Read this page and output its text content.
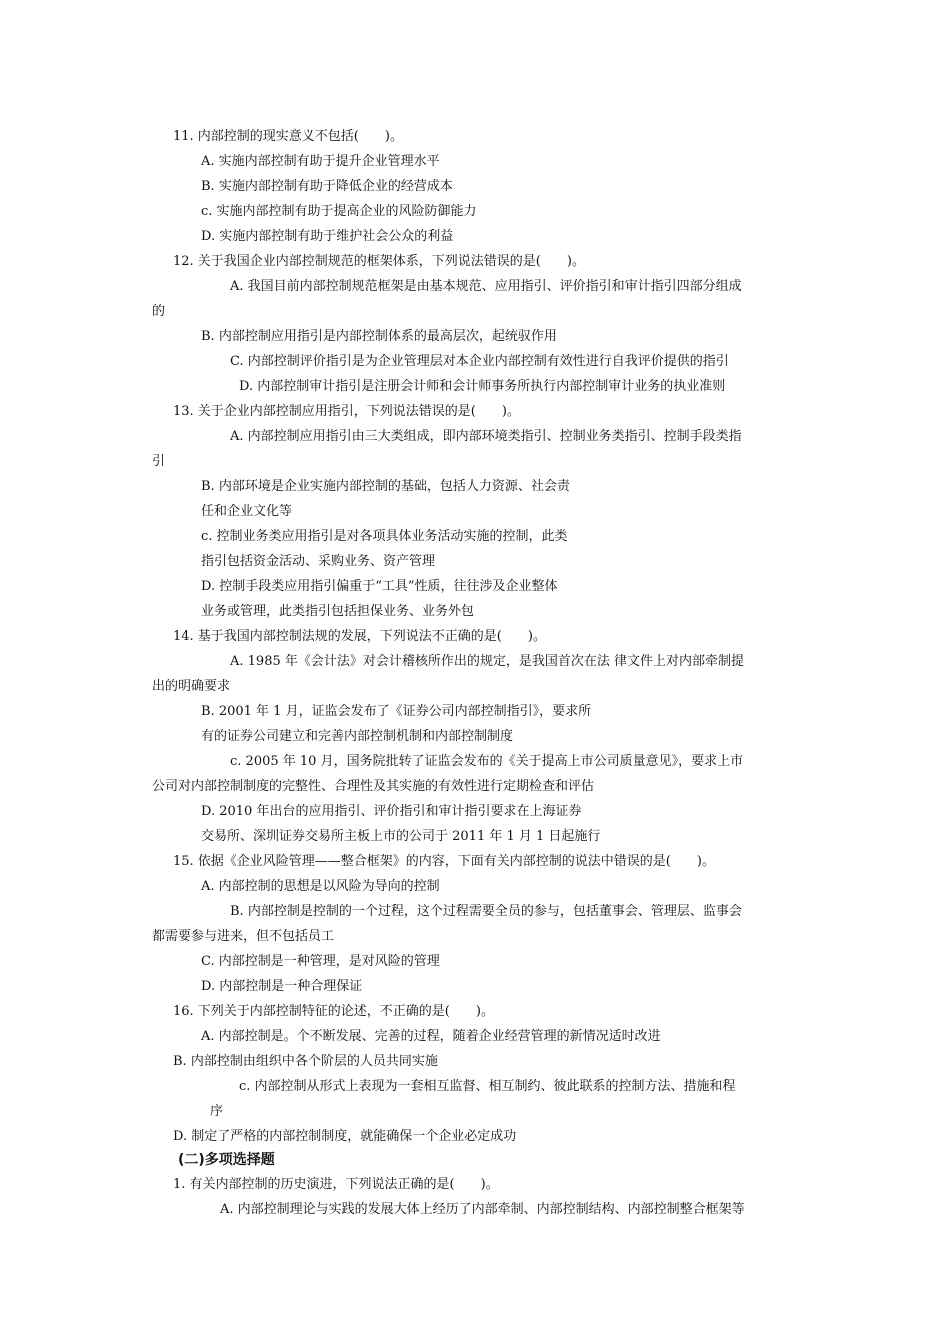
11. 内部控制的现实意义不包括(　　)。
A. 实施内部控制有助于提升企业管理水平
B. 实施内部控制有助于降低企业的经营成本
c. 实施内部控制有助于提高企业的风险防御能力
D. 实施内部控制有助于维护社会公众的利益
12. 关于我国企业内部控制规范的框架体系，下列说法错误的是(　　)。
A. 我国目前内部控制规范框架是由基本规范、应用指引、评价指引和审计指引四部分组成
的
B. 内部控制应用指引是内部控制体系的最高层次，起统驭作用
C. 内部控制评价指引是为企业管理层对本企业内部控制有效性进行自我评价提供的指引
D. 内部控制审计指引是注册会计师和会计师事务所执行内部控制审计业务的执业准则
13. 关于企业内部控制应用指引，下列说法错误的是(　　)。
A. 内部控制应用指引由三大类组成，即内部环境类指引、控制业务类指引、控制手段类指
引
B. 内部环境是企业实施内部控制的基础，包括人力资源、社会责
任和企业文化等
c. 控制业务类应用指引是对各项具体业务活动实施的控制，此类
指引包括资金活动、采购业务、资产管理
D. 控制手段类应用指引偏重于“工具”性质，往往涉及企业整体
业务或管理，此类指引包括担保业务、业务外包
14. 基于我国内部控制法规的发展，下列说法不正确的是(　　)。
A. 1985 年《会计法》对会计稽核所作出的规定，是我国首次在法 律文件上对内部牵制提
出的明确要求
B. 2001 年 1 月，证监会发布了《证券公司内部控制指引》，要求所
有的证券公司建立和完善内部控制机制和内部控制制度
c. 2005 年 10 月，国务院批转了证监会发布的《关于提高上市公司质量意见》，要求上市
公司对内部控制制度的完整性、合理性及其实施的有效性进行定期检查和评估
D. 2010 年出台的应用指引、评价指引和审计指引要求在上海证券
交易所、深圳证券交易所主板上市的公司于 2011 年 1 月 1 日起施行
15. 依据《企业风险管理——整合框架》的内容，下面有关内部控制的说法中错误的是(　　)。
A. 内部控制的思想是以风险为导向的控制
B. 内部控制是控制的一个过程，这个过程需要全员的参与，包括董事会、管理层、监事会
都需要参与进来，但不包括员工
C. 内部控制是一种管理，是对风险的管理
D. 内部控制是一种合理保证
16. 下列关于内部控制特征的论述，不正确的是(　　)。
A. 内部控制是。个不断发展、完善的过程，随着企业经营管理的新情况适时改进
B. 内部控制由组织中各个阶层的人员共同实施
c. 内部控制从形式上表现为一套相互监督、相互制约、彼此联系的控制方法、措施和程
序
D. 制定了严格的内部控制制度，就能确保一个企业必定成功
(二)多项选择题
1. 有关内部控制的历史演进，下列说法正确的是(　　)。
A. 内部控制理论与实践的发展大体上经历了内部牵制、内部控制结构、内部控制整合框架等
